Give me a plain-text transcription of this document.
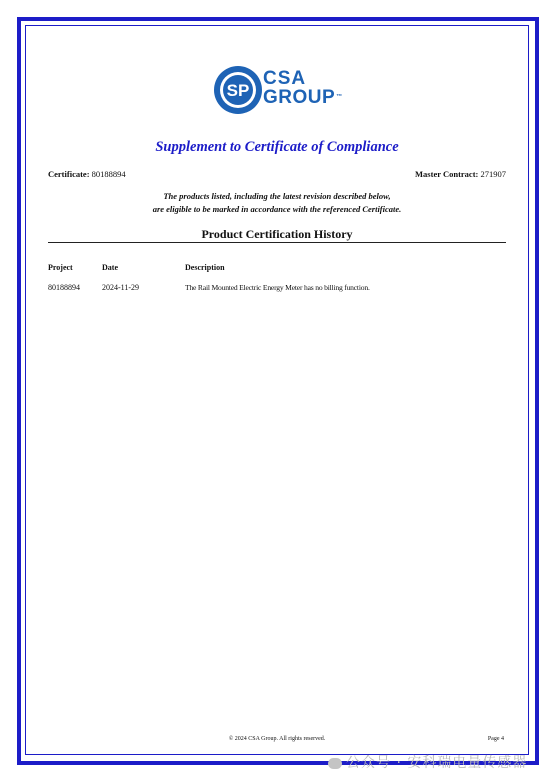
SP
CSA
GROUP™
Supplement to Certificate of Compliance
Certificate: 80188894	Master Contract: 271907
The products listed, including the latest revision described below,
are eligible to be marked in accordance with the referenced Certificate.
Product Certification History
Project	Date	Description
80188894	2024-11-29	The Rail Mounted Electric Energy Meter has no billing function.
© 2024 CSA Group. All rights reserved.	Page 4
公众号 · 安科瑞电量传感器
